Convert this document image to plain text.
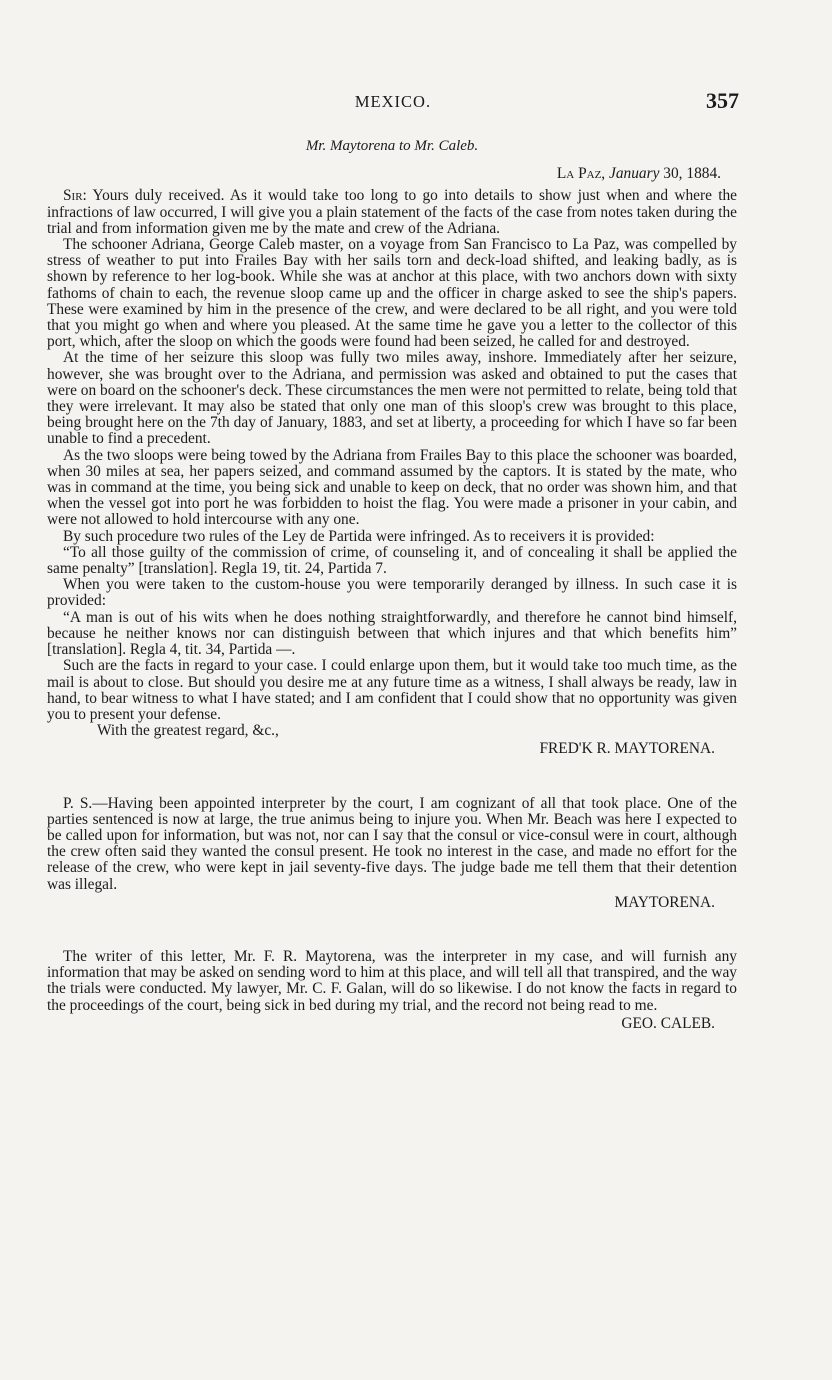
MEXICO.	357
Mr. Maytorena to Mr. Caleb.
La Paz, January 30, 1884.

Sir: Yours duly received. As it would take too long to go into details to show just when and where the infractions of law occurred, I will give you a plain statement of the facts of the case from notes taken during the trial and from information given me by the mate and crew of the Adriana.

The schooner Adriana, George Caleb master, on a voyage from San Francisco to La Paz, was compelled by stress of weather to put into Frailes Bay with her sails torn and deck-load shifted, and leaking badly, as is shown by reference to her log-book. While she was at anchor at this place, with two anchors down with sixty fathoms of chain to each, the revenue sloop came up and the officer in charge asked to see the ship's papers. These were examined by him in the presence of the crew, and were declared to be all right, and you were told that you might go when and where you pleased. At the same time he gave you a letter to the collector of this port, which, after the sloop on which the goods were found had been seized, he called for and destroyed.

At the time of her seizure this sloop was fully two miles away, inshore. Immediately after her seizure, however, she was brought over to the Adriana, and permission was asked and obtained to put the cases that were on board on the schooner's deck. These circumstances the men were not permitted to relate, being told that they were irrelevant. It may also be stated that only one man of this sloop's crew was brought to this place, being brought here on the 7th day of January, 1883, and set at liberty, a proceeding for which I have so far been unable to find a precedent.

As the two sloops were being towed by the Adriana from Frailes Bay to this place the schooner was boarded, when 30 miles at sea, her papers seized, and command assumed by the captors. It is stated by the mate, who was in command at the time, you being sick and unable to keep on deck, that no order was shown him, and that when the vessel got into port he was forbidden to hoist the flag. You were made a prisoner in your cabin, and were not allowed to hold intercourse with any one.

By such procedure two rules of the Ley de Partida were infringed. As to receivers it is provided:

“To all those guilty of the commission of crime, of counseling it, and of concealing it shall be applied the same penalty” [translation]. Regla 19, tit. 24, Partida 7.

When you were taken to the custom-house you were temporarily deranged by illness. In such case it is provided:

“A man is out of his wits when he does nothing straightforwardly, and therefore he cannot bind himself, because he neither knows nor can distinguish between that which injures and that which benefits him” [translation]. Regla 4, tit. 34, Partida —.

Such are the facts in regard to your case. I could enlarge upon them, but it would take too much time, as the mail is about to close. But should you desire me at any future time as a witness, I shall always be ready, law in hand, to bear witness to what I have stated; and I am confident that I could show that no opportunity was given you to present your defense.

With the greatest regard, &c.,
FRED'K R. MAYTORENA.

P. S.—Having been appointed interpreter by the court, I am cognizant of all that took place. One of the parties sentenced is now at large, the true animus being to injure you. When Mr. Beach was here I expected to be called upon for information, but was not, nor can I say that the consul or vice-consul were in court, although the crew often said they wanted the consul present. He took no interest in the case, and made no effort for the release of the crew, who were kept in jail seventy-five days. The judge bade me tell them that their detention was illegal.

MAYTORENA.

The writer of this letter, Mr. F. R. Maytorena, was the interpreter in my case, and will furnish any information that may be asked on sending word to him at this place, and will tell all that transpired, and the way the trials were conducted. My lawyer, Mr. C. F. Galan, will do so likewise. I do not know the facts in regard to the proceedings of the court, being sick in bed during my trial, and the record not being read to me.

GEO. CALEB.
